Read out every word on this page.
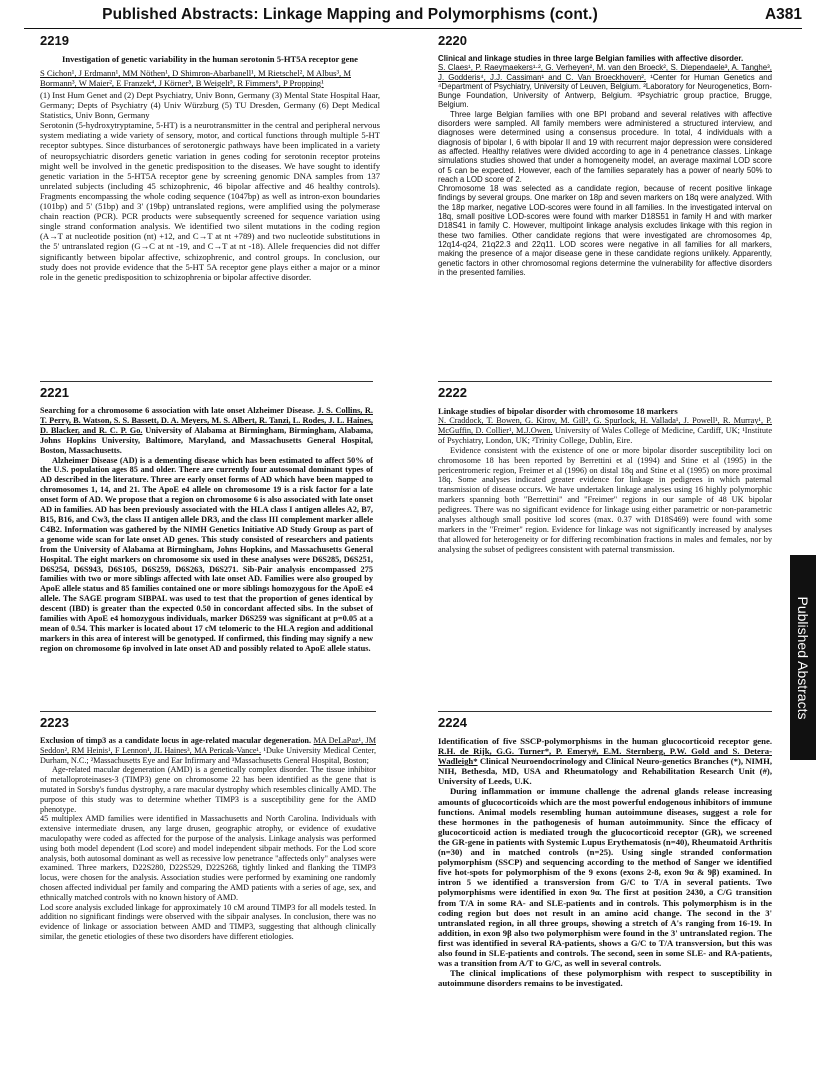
Published Abstracts: Linkage Mapping and Polymorphisms (cont.)	A381
2219
Investigation of genetic variability in the human serotonin 5-HT5A receptor gene
S Cichon¹, J Erdmann¹, MM Nöthen¹, D Shimron-Abarbanell¹, M Rietschel², M Albus³, M Bormann³, W Maier², E Franzek⁴, J Körner⁵, B Weigelt⁵, R Fimmers⁶, P Propping¹

(1) Inst Hum Genet and (2) Dept Psychiatry, Univ Bonn, Germany (3) Mental State Hospital Haar, Germany; Depts of Psychiatry (4) Univ Würzburg (5) TU Dresden, Germany (6) Dept Medical Statistics, Univ Bonn, Germany

Serotonin (5-hydroxytryptamine, 5-HT) is a neurotransmitter in the central and peripheral nervous system mediating a wide variety of sensory, motor, and cortical functions through multiple 5-HT receptor subtypes. Since disturbances of serotonergic pathways have been implicated in a variety of neuropsychiatric disorders genetic variation in genes coding for serotonin receptor proteins might well be involved in the genetic predisposition to the diseases. We have sought to identify genetic variation in the 5-HT5A receptor gene by screening genomic DNA samples from 137 unrelated subjects (including 45 schizophrenic, 46 bipolar affective and 46 healthy controls). Fragments encompassing the whole coding sequence (1047bp) as well as intron-exon boundaries (101bp) and 5' (51bp) and 3' (19bp) untranslated regions, were amplified using the polymerase chain reaction (PCR). PCR products were subsequently screened for sequence variation using single strand conformation analysis. We identified two silent mutations in the coding region (A→T at nucleotide position (nt) +12, and C→T at nt +789) and two nucleotide substitutions in the 5' untranslated region (G→C at nt -19, and C→T at nt -18). Allele frequencies did not differ significantly between bipolar affective, schizophrenic, and control groups. In conclusion, our study does not provide evidence that the 5-HT 5A receptor gene plays either a major or a minor role in the genetic predisposition to schizophrenia or bipolar affective disorder.

2220
Clinical and linkage studies in three large Belgian families with affective disorder.

S. Claes¹, P. Raeymaekers¹·², G. Verheyen², M. van den Broeck², S. Diependaele³, A. Tanghe³, J. Godderis⁴, J.J. Cassiman¹ and C. Van Broeckhoven². ¹Center for Human Genetics and ⁴Department of Psychiatry, University of Leuven, Belgium. ²Laboratory for Neurogenetics, Born-Bunge Foundation, University of Antwerp, Belgium. ³Psychiatric group practice, Brugge, Belgium.

Three large Belgian families with one BPI proband and several relatives with affective disorders were sampled. All family members were administered a structured interview, and diagnoses were determined using a consensus procedure. In total, 4 individuals with a diagnosis of bipolar I, 6 with bipolar II and 19 with recurrent major depression were considered as affected. Healthy relatives were divided according to age in 4 penetrance classes. Linkage simulations studies showed that under a homogeneity model, an average maximal LOD score of 5 can be expected. However, each of the families separately has a power of nearly 50% to reach a LOD score of 2.

Chromosome 18 was selected as a candidate region, because of recent positive linkage findings by several groups. One marker on 18p and seven markers on 18q were analyzed. With the 18p marker, negative LOD-scores were found in all families. In the investigated interval on 18q, small positive LOD-scores were found with marker D18S51 in family H and with marker D18S41 in family C. However, multipoint linkage analysis excludes linkage with this region in these two families. Other candidate regions that were investigated are chromosomes 4p, 12q14-q24, 21q22.3 and 22q11. LOD scores were negative in all families for all markers, making the presence of a major disease gene in these candidate regions unlikely. Apparently, genetic factors in other chromosomal regions determine the vulnerability for affective disorders in the presented families.

2221

Searching for a chromosome 6 association with late onset Alzheimer Disease. J. S. Collins, R. T. Perry, B. Watson, S. S. Bassett, D. A. Meyers, M. S. Albert, R. Tanzi, L. Rodes, J. L. Haines, D. Blacker, and R. C. P. Go. University of Alabama at Birmingham, Birmingham, Alabama, Johns Hopkins University, Baltimore, Maryland, and Massachusetts General Hospital, Boston, Massachusetts.

Alzheimer Disease (AD) is a dementing disease which has been estimated to affect 50% of the U.S. population ages 85 and older. There are currently four autosomal dominant types of AD described in the literature. Three are early onset forms of AD which have been mapped to chromosomes 1, 14, and 21. The ApoE e4 allele on chromosome 19 is a risk factor for a late onset form of AD. We propose that a region on chromosome 6 is also associated with late onset AD in families. AD has been previously associated with the HLA class I antigen alleles A2, B7, B15, B16, and Cw3, the class II antigen allele DR3, and the class III complement marker allele C4B2. Information was gathered by the NIMH Genetics Initiative AD Study Group as part of a genome wide scan for late onset AD genes. This study consisted of researchers and patients from the University of Alabama at Birmingham, Johns Hopkins, and Massachusetts General Hospital. The eight markers on chromosome six used in these analyses were D6S285, D6S251, D6S254, D6S943, D6S105, D6S259, D6S263, D6S271. Sib-Pair analysis encompassed 275 families with two or more siblings affected with late onset AD. Families were also grouped by ApoE allele status and 85 families contained one or more siblings homozygous for the ApoE e4 allele. The SAGE program SIBPAL was used to test that the proportion of genes identical by descent (IBD) is greater than the expected 0.50 in concordant affected sibs. In the subset of families with ApoE e4 homozygous individuals, marker D6S259 was significant at p=0.05 at a mean of 0.54. This marker is located about 17 cM telomeric to the HLA region and additional markers in this area of interest will be genotyped. If confirmed, this finding may signify a new region on chromosome 6p involved in late onset AD and possibly related to ApoE allele status.

2222
Linkage studies of bipolar disorder with chromosome 18 markers

N. Craddock, T. Bowen, G. Kirov, M. Gill², G. Spurlock, H. Vallada¹, J. Powell¹, R. Murray¹, P. McGuffin, D. Collier¹, M.J.Owen. University of Wales College of Medicine, Cardiff, UK; ¹Institute of Psychiatry, London, UK; ²Trinity College, Dublin, Eire.

Evidence consistent with the existence of one or more bipolar disorder susceptibility loci on chromosome 18 has been reported by Berrettini et al (1994) and Stine et al (1995) in the pericentromeric region, Freimer et al (1996) on distal 18q and Stine et al (1995) on more proximal 18q. Some analyses indicated greater evidence for linkage in pedigrees in which paternal transmission of disease occurs. We have undertaken linkage analyses using 16 highly polymorphic markers spanning both "Berrettini" and "Freimer" regions in our sample of 48 UK bipolar pedigrees. There was no significant evidence for linkage using either parametric or non-parametric analyses although small positive lod scores (max. 0.37 with D18S469) were found with some markers in the "Freimer" region. Evidence for linkage was not significantly increased by analyses that allowed for heterogeneity or for differing recombination fractions in males and females, nor by analysing the subset of pedigrees consistent with paternal transmission.

2223

Exclusion of timp3 as a candidate locus in age-related macular degeneration. MA DeLaPaz¹, JM Seddon², RM Heinis¹, F Lennon¹, JL Haines³, MA Pericak-Vance¹. ¹Duke University Medical Center, Durham, N.C.; ²Massachusetts Eye and Ear Infirmary and ³Massachusetts General Hospital, Boston;

Age-related macular degeneration (AMD) is a genetically complex disorder. The tissue inhibitor of metalloproteinases-3 (TIMP3) gene on chromosome 22 has been identified as the gene that is mutated in Sorsby's fundus dystrophy, a rare macular dystrophy which resembles clinically AMD. The purpose of this study was to determine whether TIMP3 is a susceptibility gene for the AMD phenotype.

45 multiplex AMD families were identified in Massachusetts and North Carolina. Individuals with extensive intermediate drusen, any large drusen, geographic atrophy, or evidence of exudative maculopathy were coded as affected for the purpose of the analysis. Linkage analysis was performed using both model dependent (Lod score) and model independent sibpair methods. For the Lod score analysis, both autosomal dominant as well as recessive low penetrance "affecteds only" analyses were examined. Three markers, D22S280, D22S529, D22S268, tightly linked and flanking the TIMP3 locus, were chosen for the analysis. Association studies were performed by examining one randomly chosen affected individual per family and comparing the AMD patients with a series of age, sex, and ethnically matched controls with no known history of AMD.

Lod score analysis excluded linkage for approximately 10 cM around TIMP3 for all models tested. In addition no significant findings were observed with the sibpair analyses. In conclusion, there was no evidence of linkage or association between AMD and TIMP3, suggesting that although clinically similar, the genetic etiologies of these two disorders have different etiologies.

2224

Identification of five SSCP-polymorphisms in the human glucocorticoid receptor gene. R.H. de Rijk, G.G. Turner*, P. Emery#, E.M. Sternberg, P.W. Gold and S. Detera-Wadleigh* Clinical Neuroendocrinology and Clinical Neuro-genetics Branches (*), NIMH, NIH, Bethesda, MD, USA and Rheumatology and Rehabilitation Research Unit (#), University of Leeds, U.K.

During inflammation or immune challenge the adrenal glands release increasing amounts of glucocorticoids which are the most powerful endogenous inhibitors of immune functions. Animal models resembling human autoimmune diseases, suggest a role for these hormones in the pathogenesis of human autoimmunity. Since the efficacy of glucocorticoid action is mediated trough the glucocorticoid receptor (GR), we screened the GR-gene in patients with Systemic Lupus Erythematosis (n=40), Rheumatoid Arthritis (n=30) and in matched controls (n=25). Using single stranded conformation polymorphism (SSCP) and sequencing according to the method of Sanger we identified five hot-spots for polymorphism of the 9 exons (exons 2-8, exon 9α & 9β) examined. In intron 5 we identified a transversion from G/C to T/A in several patients. Two polymorphisms were identified in exon 9α. The first at position 2430, a C/G transition from T/A in some RA- and SLE-patients and in controls. This polymorphism is in the coding region but does not result in an amino acid change. The second in the 3' untranslated region, in all three groups, showing a stretch of A's ranging from 16-19. In addition, in exon 9β also two polymorphism were found in the 3' untranslated region. The first was identified in several RA-patients, shows a G/C to T/A transversion, but this was also found in SLE-patients and controls. The second, seen in some SLE- and RA-patients, was a transition from A/T to G/C, as well in several controls.

The clinical implications of these polymorphism with respect to susceptibility in autoimmune disorders remains to be investigated.

Published Abstracts
